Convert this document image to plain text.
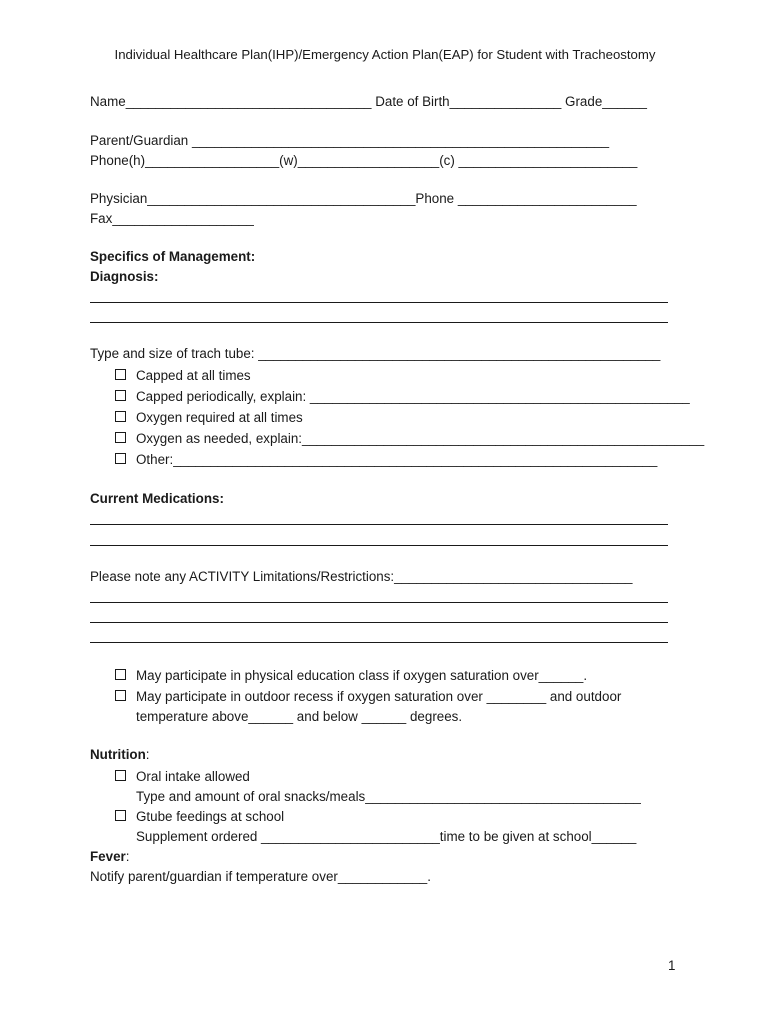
Individual Healthcare Plan(IHP)/Emergency Action Plan(EAP) for Student with Tracheostomy
Name_________________________________ Date of Birth_______________ Grade______
Parent/Guardian ________________________________________________________
Phone(h)__________________(w)___________________(c) ________________________
Physician____________________________________Phone ________________________
Fax___________________
Specifics of Management:
Diagnosis:
Type and size of trach tube: ______________________________________________________
Capped at all times
Capped periodically, explain: ___________________________________________________
Oxygen required at all times
Oxygen as needed, explain:______________________________________________________
Other:_________________________________________________________________
Current Medications:
Please note any ACTIVITY Limitations/Restrictions:________________________________
May participate in physical education class if oxygen saturation over______.
May participate in outdoor recess if oxygen saturation over ________ and outdoor
temperature above______ and below ______ degrees.
Nutrition:
Oral intake allowed
Type and amount of oral snacks/meals_____________________________________
Gtube feedings at school
Supplement ordered ________________________time to be given at school______
Fever:
Notify parent/guardian if temperature over____________.
1
